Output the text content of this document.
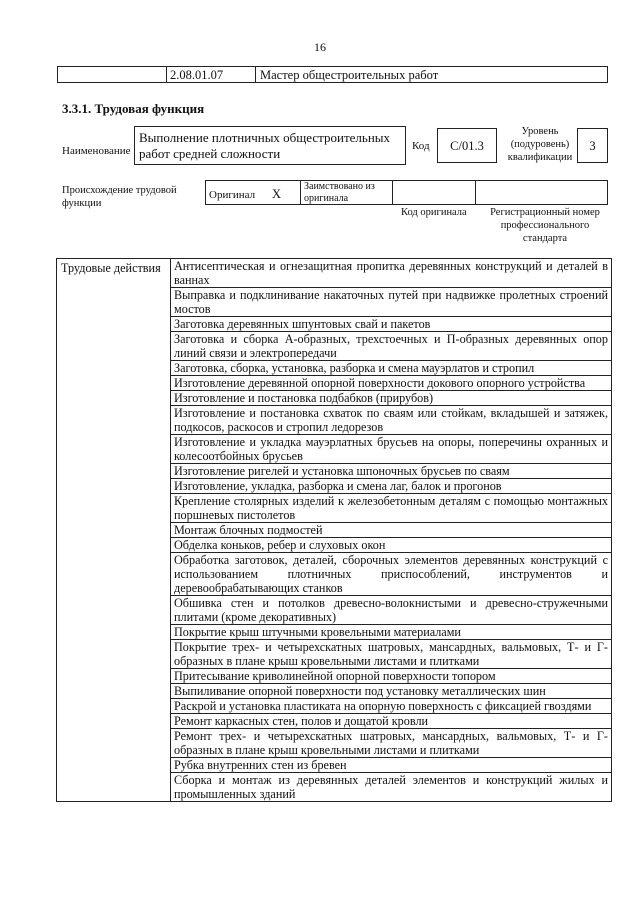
16
2.08.01.07	Мастер общестроительных работ
3.3.1. Трудовая функция
Наименование
Выполнение плотничных общестроительных работ средней сложности	Код	С/01.3
Уровень (подуровень) квалификации
3
Происхождение трудовой функции
Оригинал X
Заимствовано из оригинала
Код оригинала	Регистрационный номер профессионального стандарта
Трудовые действия	Антисептическая и огнезащитная пропитка деревянных конструкций и деталей в ваннах
Выправка и подклинивание накаточных путей при надвижке пролетных строений мостов
Заготовка деревянных шпунтовых свай и пакетов
Заготовка и сборка А-образных, трехстоечных и П-образных деревянных опор линий связи и электропередачи
Заготовка, сборка, установка, разборка и смена мауэрлатов и стропил
Изготовление деревянной опорной поверхности докового опорного устройства
Изготовление и постановка подбабков (прирубов)
Изготовление и постановка схваток по сваям или стойкам, вкладышей и затяжек, подкосов, раскосов и стропил ледорезов
Изготовление и укладка мауэрлатных брусьев на опоры, поперечины охранных и колесоотбойных брусьев
Изготовление ригелей и установка шпоночных брусьев по сваям
Изготовление, укладка, разборка и смена лаг, балок и прогонов
Крепление столярных изделий к железобетонным деталям с помощью монтажных поршневых пистолетов
Монтаж блочных подмостей
Обделка коньков, ребер и слуховых окон
Обработка заготовок, деталей, сборочных элементов деревянных конструкций с использованием плотничных приспособлений, инструментов и деревообрабатывающих станков
Обшивка стен и потолков древесно-волокнистыми и древесно-стружечными плитами (кроме декоративных)
Покрытие крыш штучными кровельными материалами
Покрытие трех- и четырехскатных шатровых, мансардных, вальмовых, Т- и Г-образных в плане крыш кровельными листами и плитками
Притесывание криволинейной опорной поверхности топором
Выпиливание опорной поверхности под установку металлических шин
Раскрой и установка пластиката на опорную поверхность с фиксацией гвоздями
Ремонт каркасных стен, полов и дощатой кровли
Ремонт трех- и четырехскатных шатровых, мансардных, вальмовых, Т- и Г-образных в плане крыш кровельными листами и плитками
Рубка внутренних стен из бревен
Сборка и монтаж из деревянных деталей элементов и конструкций жилых и промышленных зданий
